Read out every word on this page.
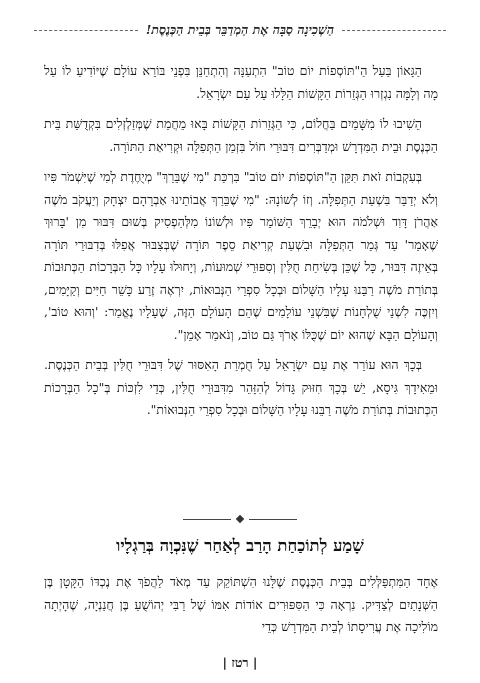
הַשְׁכִינָה סַבָּה אֶת הַמְדַבֵּר בְּבֵית הַכְּנֶסֶת!

הַגָּאוֹן בַּעַל הַ"תּוֹסְפוֹת יוֹם טוֹב" הִתְעַנָּה וְהִתְחַנֵּן בִּפְנֵי בּוֹרֵא עוֹלָם שֶׁיּוֹדִיעַ לוֹ עַל מָה וְלָמָּה נִגְזְרוּ הַגְּזֵרוֹת הַקָּשׁוֹת הַלָּלוּ עַל עַם יִשְׂרָאֵל.

הֵשִׁיבוּ לוֹ מִשָּׁמַיִם בַּחֲלוֹם, כִּי הַגְּזֵרוֹת הַקָּשׁוֹת בָּאוּ מֵחֲמַת שֶׁמְּזַלְזְלִים בִּקְדֻשַּׁת בֵּית הַכְּנֶסֶת וּבֵית הַמִּדְרָשׁ וּמְדַבְּרִים דִּבּוּרֵי חוֹל בִּזְמַן הַתְּפִלָּה וּקְרִיאַת הַתּוֹרָה.

בְּעִקְבוֹת זֹאת תִּקֵּן הַ"תּוֹסְפוֹת יוֹם טוֹב" בִּרְכַּת "מִי שֶׁבֵּרַךְ" מְיֻחֶדֶת לְמִי שֶׁיִּשְׁמֹר פִּיו וְלֹא יְדַבֵּר בִּשְׁעַת הַתְּפִלָּה. וְזוֹ לְשׁוֹנָהּ: "מִי שֶׁבֵּרַךְ אֲבוֹתֵינוּ אַבְרָהָם יִצְחָק וְיַעֲקֹב מֹשֶׁה אַהֲרֹן דָּוִד וּשְׁלֹמֹה הוּא יְבָרֵךְ הַשּׁוֹמֵר פִּיו וּלְשׁוֹנוֹ מִלְּהַפְסִיק בְּשׁוּם דִּבּוּר מִן 'בָּרוּךְ שֶׁאָמַר' עַד גְּמַר הַתְּפִלָּה וּבִשְׁעַת קְרִיאַת סֵפֶר תּוֹרָה שֶׁבְּצִבּוּר אֲפִלּוּ בְּדִבּוּרֵי תּוֹרָה בְּאֵיזֶה דִּבּוּר, כָּל שֶׁכֵּן בְּשִׂיחַת חֻלִּין וְסִפּוּרֵי שְׁמוּעוֹת, וְיָחוּלוּ עָלָיו כָּל הַבְּרָכוֹת הַכְּתוּבוֹת בְּתוֹרַת מֹשֶׁה רַבֵּנוּ עָלָיו הַשָּׁלוֹם וּבְכָל סִפְרֵי הַנְּבוּאוֹת, יִרְאֶה זֶרַע כָּשֵׁר חַיִּים וְקַיָּמִים, וְיִזְכֶּה לִשְׁנֵי שֻׁלְחָנוֹת שֶׁבִּשְׁנֵי עוֹלָמִים שֶׁהֵם הָעוֹלָם הַזֶּה, שֶׁעָלָיו נֶאֱמַר: 'וְהוּא טוֹב', וְהָעוֹלָם הַבָּא שֶׁהוּא יוֹם שֶׁכֻּלּוֹ אָרֹךְ גַּם טוֹב, וְנֹאמַר אָמֵן".

בְּכָךְ הוּא עוֹרֵר אֶת עַם יִשְׂרָאֵל עַל חֻמְרַת הָאִסּוּר שֶׁל דִּבּוּרֵי חֻלִּין בְּבֵית הַכְּנֶסֶת. וּמֵאִידָךְ גִּיסָא, יֵשׁ בְּכָךְ חִזּוּק גָּדוֹל לְהִזָּהֵר מִדִּבּוּרֵי חֻלִּין, כְּדֵי לִזְכּוֹת בְּ"כָל הַבְּרָכוֹת הַכְּתוּבוֹת בְּתוֹרַת מֹשֶׁה רַבֵּנוּ עָלָיו הַשָּׁלוֹם וּבְכָל סִפְרֵי הַנְּבוּאוֹת".

שָׁמַע לְתוֹכַחַת הָרַב לְאַחַר שֶׁנִּכְוָה בְּרַגְלָיו

אֶחָד הַמִּתְפַּלְּלִים בְּבֵית הַכְּנֶסֶת שֶׁלָּנוּ הִשְׁתּוֹקֵק עַד מְאֹד לַהֲפֹךְ אֶת נֶכְדּוֹ הַקָּטָן בֶּן הַשְּׁנָתַיִם לְצַדִּיק. נִרְאָה כִּי הַסִּפּוּרִים אוֹדוֹת אִמּוֹ שֶׁל רַבִּי יְהוֹשֻׁעַ בֶּן חֲנַנְיָה, שֶׁהָיְתָה מוֹלִיכָה אֶת עֲרִיסָתוֹ לְבֵית הַמִּדְרָשׁ כְּדֵי

| רטז |
